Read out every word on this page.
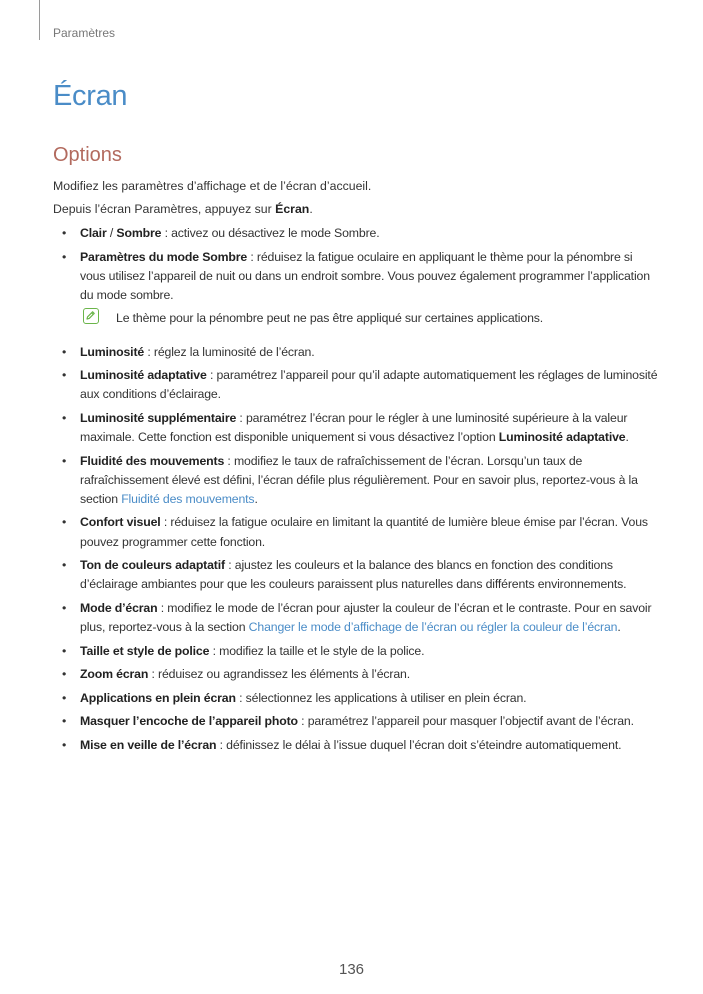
Paramètres
Écran
Options
Modifiez les paramètres d’affichage et de l’écran d’accueil.
Depuis l’écran Paramètres, appuyez sur Écran.
• Clair / Sombre : activez ou désactivez le mode Sombre.
• Paramètres du mode Sombre : réduisez la fatigue oculaire en appliquant le thème pour la pénombre si vous utilisez l’appareil de nuit ou dans un endroit sombre. Vous pouvez également programmer l’application du mode sombre.
Le thème pour la pénombre peut ne pas être appliqué sur certaines applications.
• Luminosité : réglez la luminosité de l’écran.
• Luminosité adaptative : paramétrez l’appareil pour qu’il adapte automatiquement les réglages de luminosité aux conditions d’éclairage.
• Luminosité supplémentaire : paramétrez l’écran pour le régler à une luminosité supérieure à la valeur maximale. Cette fonction est disponible uniquement si vous désactivez l’option Luminosité adaptative.
• Fluidité des mouvements : modifiez le taux de rafraîchissement de l’écran. Lorsqu’un taux de rafraîchissement élevé est défini, l’écran défile plus régulièrement. Pour en savoir plus, reportez-vous à la section Fluidité des mouvements.
• Confort visuel : réduisez la fatigue oculaire en limitant la quantité de lumière bleue émise par l’écran. Vous pouvez programmer cette fonction.
• Ton de couleurs adaptatif : ajustez les couleurs et la balance des blancs en fonction des conditions d’éclairage ambiantes pour que les couleurs paraissent plus naturelles dans différents environnements.
• Mode d’écran : modifiez le mode de l’écran pour ajuster la couleur de l’écran et le contraste. Pour en savoir plus, reportez-vous à la section Changer le mode d’affichage de l’écran ou régler la couleur de l’écran.
• Taille et style de police : modifiez la taille et le style de la police.
• Zoom écran : réduisez ou agrandissez les éléments à l’écran.
• Applications en plein écran : sélectionnez les applications à utiliser en plein écran.
• Masquer l’encoche de l’appareil photo : paramétrez l’appareil pour masquer l’objectif avant de l’écran.
• Mise en veille de l’écran : définissez le délai à l’issue duquel l’écran doit s’éteindre automatiquement.
136
